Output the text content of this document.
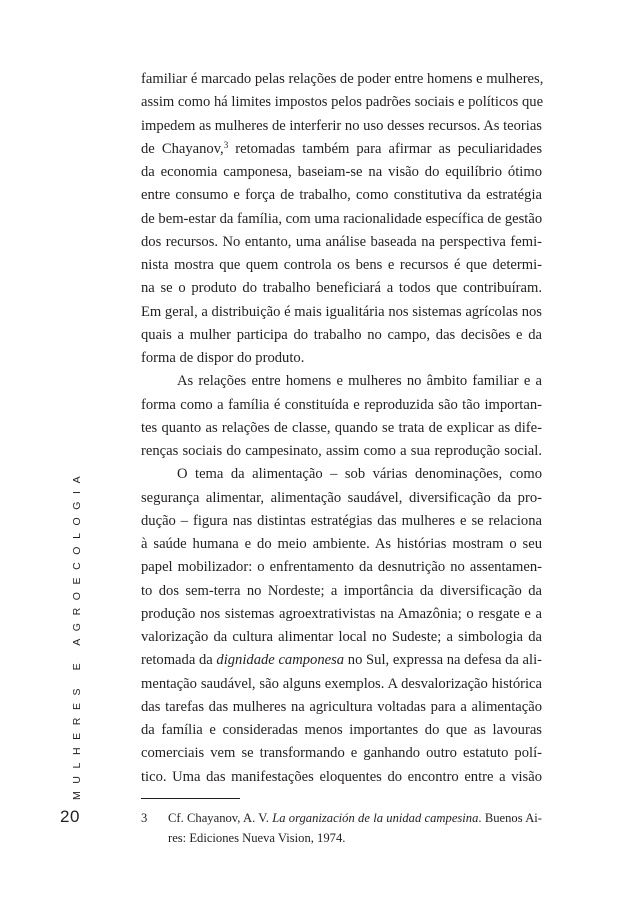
MULHERES E AGROECOLOGIA
20

familiar é marcado pelas relações de poder entre homens e mulheres,
assim como há limites impostos pelos padrões sociais e políticos que
impedem as mulheres de interferir no uso desses recursos. As teorias
de Chayanov,$^3$ retomadas também para afirmar as peculiaridades
da economia camponesa, baseiam-se na visão do equilíbrio ótimo
entre consumo e força de trabalho, como constitutiva da estratégia
de bem-estar da família, com uma racionalidade específica de gestão
dos recursos. No entanto, uma análise baseada na perspectiva femi-
nista mostra que quem controla os bens e recursos é que determi-
na se o produto do trabalho beneficiará a todos que contribuíram.
Em geral, a distribuição é mais igualitária nos sistemas agrícolas nos
quais a mulher participa do trabalho no campo, das decisões e da
forma de dispor do produto.

As relações entre homens e mulheres no âmbito familiar e a
forma como a família é constituída e reproduzida são tão importan-
tes quanto as relações de classe, quando se trata de explicar as dife-
renças sociais do campesinato, assim como a sua reprodução social.

O tema da alimentação – sob várias denominações, como
segurança alimentar, alimentação saudável, diversificação da pro-
dução – figura nas distintas estratégias das mulheres e se relaciona
à saúde humana e do meio ambiente. As histórias mostram o seu
papel mobilizador: o enfrentamento da desnutrição no assentamen-
to dos sem-terra no Nordeste; a importância da diversificação da
produção nos sistemas agroextrativistas na Amazônia; o resgate e a
valorização da cultura alimentar local no Sudeste; a simbologia da
retomada da dignidade camponesa no Sul, expressa na defesa da ali-
mentação saudável, são alguns exemplos. A desvalorização histórica
das tarefas das mulheres na agricultura voltadas para a alimentação
da família e consideradas menos importantes do que as lavouras
comerciais vem se transformando e ganhando outro estatuto polí-
tico. Uma das manifestações eloquentes do encontro entre a visão

3 Cf. Chayanov, A. V. La organización de la unidad campesina. Buenos Ai-
res: Ediciones Nueva Vision, 1974.
